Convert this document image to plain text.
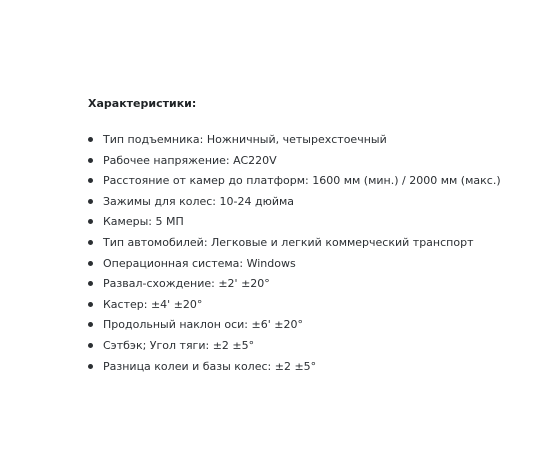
Характеристики:
Тип подъемника: Ножничный, четырехстоечный
Рабочее напряжение: AC220V
Расстояние от камер до платформ: 1600 мм (мин.) / 2000 мм (макс.)
Зажимы для колес: 10-24 дюйма
Камеры: 5 МП
Тип автомобилей: Легковые и легкий коммерческий транспорт
Операционная система: Windows
Развал-схождение: ±2' ±20°
Кастер: ±4' ±20°
Продольный наклон оси: ±6' ±20°
Сэтбэк; Угол тяги: ±2 ±5°
Разница колеи и базы колес: ±2 ±5°
